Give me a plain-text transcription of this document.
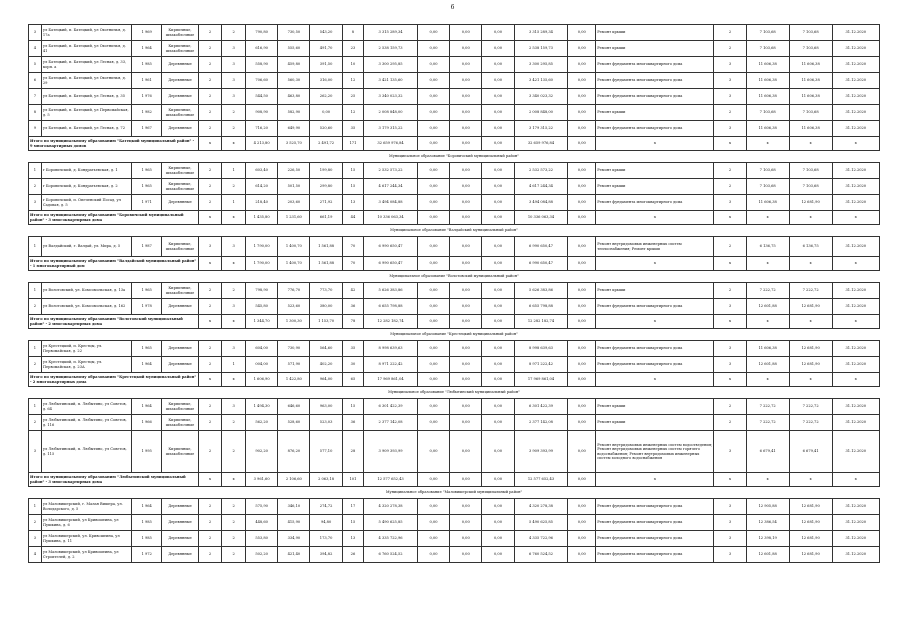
6
3	ул Батецкий, п. Батецкий, ул Охотничья, д. 17а	1 969	Кирпичные, шлакоблочные	2	2	790,80	730,50	543,20	8	3 315 289,34	0,00	0,00	0,00	3 315 289,34	0,00	Ремонт крыши	2	7 103,68	7 103,68	31.12.2020
4	ул Батецкий, п. Батецкий, ул Охотничья, д. 41	1 964	Кирпичные, шлакоблочные	2	3	616,90	555,60	491,70	23	2 538 159,73	0,00	0,00	0,00	2 538 159,73	0,00	Ремонт крыши	2	7 103,68	7 103,68	31.12.2020
5	ул Батецкий, п. Батецкий, ул Лесная, д. 33, корп. а	1 985	Деревянные	2	3	558,90	459,80	391,50	10	3 300 295,85	0,00	0,00	0,00	3 300 295,85	0,00	Ремонт фундамента многоквартирного дома	3	11 606,38	11 606,38	31.12.2020
6	ул Батецкий, п. Батецкий, ул Охотничья, д. 29	1 961	Деревянные	2	3	706,60	560,30	316,00	12	3 421 135,60	0,00	0,00	0,00	3 421 135,60	0,00	Ремонт фундамента многоквартирного дома	3	11 606,38	11 606,38	31.12.2020
7	ул Батецкий, п. Батецкий, ул Лесная, д. 35	1 976	Деревянные	2	3	544,50	463,80	262,20	25	3 340 023,32	0,00	0,00	0,00	3 340 023,32	0,00	Ремонт фундамента многоквартирного дома	3	11 606,38	11 606,38	31.12.2020
8	ул Батецкий, п. Батецкий, ул Первомайская, д. 5	1 982	Кирпичные, шлакоблочные	2	2	908,90	582,90	0,00	12	2 008 848,00	0,00	0,00	0,00	2 008 848,00	0,00	Ремонт крыши	2	7 103,68	7 103,68	31.12.2020
9	ул Батецкий, п. Батецкий, ул Лесная, д. 72	1 967	Деревянные	2	2	716,20	649,90	520,60	35	3 179 315,22	0,00	0,00	0,00	3 179 315,22	0,00	Ремонт фундамента многоквартирного дома	3	11 606,38	11 606,38	31.12.2020
Итого по муниципальному образованию "Батецкий муниципальный район" - 9 многоквартирных домов				x	x	4 213,80	3 525,70	2 491,72	171	32 659 976,84	0,00	0,00	0,00	32 659 976,84	0,00	x	x	x	x	x
Муниципальное образование "Боровичский муниципальный район"																				
1	г Боровичский, д. Кондратьевская, д. 1	1 965	Кирпичные, шлакоблочные	2	1	603,40	226,50	199,80	15	2 532 573,22	0,00	0,00	0,00	2 532 573,22	0,00	Ремонт крыши	2	7 103,68	7 103,68	31.12.2020
2	г Боровичский, д. Кондратьевская, д. 2	1 965	Кирпичные, шлакоблочные	2	2	614,20	501,50	299,80	15	4 617 244,34	0,00	0,00	0,00	4 617 244,34	0,00	Ремонт крыши	2	7 103,68	7 103,68	31.12.2020
3	г Боровичский, п. Опеченский Посад, ул Садовая, д. 5	1 971	Деревянные	2	1	218,40	203,60	271,92	13	3 494 084,88	0,00	0,00	0,00	3 494 084,88	0,00	Ремонт фундамента многоквартирного дома	3	11 606,38	12 681,90	31.12.2020
Итого по муниципальному образованию "Боровичский муниципальный район" - 3 многоквартирных дома				x	x	1 435,80	1 231,60	661,19	44	10 336 063,34	0,00	0,00	0,00	10 336 063,34	0,00	x	x	x	x	x
Муниципальное образование "Валдайский муниципальный район"																				
1	ул Валдайский, г. Валдай, ул. Мира, д. 5	1 987	Кирпичные, шлакоблочные	3	3	1 790,00	1 400,70	1 561,88	70	6 990 650,47	0,00	0,00	0,00	6 990 650,47	0,00	Ремонт внутридомовых инженерных систем теплоснабжения; Ремонт крыши	2	6 136,75	6 136,75	31.12.2020
Итого по муниципальному образованию "Валдайский муниципальный район" - 1 многоквартирный дом				x	x	1 790,00	1 400,70	1 561,88	70	6 990 650,47	0,00	0,00	0,00	6 990 650,47	0,00	x	x	x	x	x
Муниципальное образование "Волотовский муниципальный район"																				
1	ул Волотовский, ул. Комсомольская, д. 13а	1 965	Кирпичные, шлакоблочные	2	2	798,90	776,70	773,70	42	5 626 383,86	0,00	0,00	0,00	5 626 383,86	0,00	Ремонт крыши	2	7 222,72	7 222,72	31.12.2020
2	ул Волотовский, ул. Комсомольская, д. 162	1 978	Деревянные	2	3	545,80	523,60	380,00	36	6 655 798,88	0,00	0,00	0,00	6 655 798,88	0,00	Ремонт фундамента многоквартирного дома	3	12 601,88	12 681,90	31.12.2020
Итого по муниципальному образованию "Волотовский муниципальный район" - 2 многоквартирных дома				x	x	1 344,70	1 300,30	1 153,70	78	12 282 182,74	0,00	0,00	0,00	12 282 182,74	0,00	x	x	x	x	x
Муниципальное образование "Крестецкий муниципальный район"																				
1	ул Крестецкий, п. Крестцы, ул. Первомайская, д. 22	1 965	Деревянные	2	3	604,00	730,90	564,60	35	8 998 639,63	0,00	0,00	0,00	8 998 639,63	0,00	Ремонт фундамента многоквартирного дома	3	11 606,38	12 681,90	31.12.2020
2	ул Крестецкий, п. Крестцы, ул. Первомайская, д. 23А	1 964	Деревянные	2	1	004,00	571,90	402,20	30	8 971 222,42	0,00	0,00	0,00	8 971 222,42	0,00	Ремонт фундамента многоквартирного дома	3	12 601,88	12 681,90	31.12.2020
Итого по муниципальному образованию "Крестецкий муниципальный район" - 2 многоквартирных дома				x	x	1 606,90	1 422,80	964,00	65	17 969 861,04	0,00	0,00	0,00	17 969 861,04	0,00	x	x	x	x	x
Муниципальное образование "Любытинский муниципальный район"																				
1	ул Любытинский, п. Любытино, ул Советов, д. 64	1 964	Кирпичные, шлакоблочные	2	3	1 494,30	646,60	963,00	15	6 301 422,39	0,00	0,00	0,00	6 301 422,39	0,00	Ремонт крыши	2	7 222,72	7 222,72	31.12.2020
2	ул Любытинский, п. Любытино, ул Советов, д. 116	1 966	Кирпичные, шлакоблочные	2	2	562,20	528,60	523,03	36	2 377 142,08	0,00	0,00	0,00	2 377 142,08	0,00	Ремонт крыши	2	7 222,72	7 222,72	31.12.2020
3	ул Любытинский, п. Любытино, ул Советов, д. 115	1 995	Кирпичные, шлакоблочные	2	2	902,20	876,20	577,10	28	3 909 393,99	0,00	0,00	0,00	3 909 393,99	0,00	Ремонт внутридомовых инженерных систем водоотведения; Ремонт внутридомовых инженерных систем горячего водоснабжения; Ремонт внутридомовых инженерных систем холодного водоснабжения	3	6 679,41	6 679,41	31.12.2020
Итого по муниципальному образованию "Любытинский муниципальный район" - 3 многоквартирных дома				x	x	3 961,60	2 106,60	2 063,18	101	12 577 652,43	0,00	0,00	0,00	12 577 652,43	0,00	x	x	x	x	x
Муниципальное образование "Маловишерский муниципальный район"																				
1	ул Маловишерский, г. Малая Вишера, ул. Володарского, д. 5	1 964	Деревянные	2	2	575,90	346,10	274,72	17	4 320 278,38	0,00	0,00	0,00	4 320 278,38	0,00	Ремонт фундамента многоквартирного дома	3	12 905,88	12 681,90	31.12.2020
2	ул Маловишерский, ул Кривошеина, ул Пушкина, д. 6	1 985	Деревянные	2	2	448,60	415,90	94,80	15	5 490 625,85	0,00	0,00	0,00	5 490 625,85	0,00	Ремонт фундамента многоквартирного дома	3	12 386,54	12 681,90	31.12.2020
3	ул Маловишерский, ул. Кривошеина, ул Пушкина, д. 11	1 985	Деревянные	2	2	553,80	334,90	173,70	13	4 335 722,96	0,00	0,00	0,00	4 335 722,96	0,00	Ремонт фундамента многоквартирного дома	3	12 398,19	12 681,90	31.12.2020
4	ул Маловишерский, ул Кривошеина, ул Строителей, д. 2	1 972	Деревянные	2	2	502,20	421,40	394,82	26	6 760 524,52	0,00	0,00	0,00	6 760 524,52	0,00	Ремонт фундамента многоквартирного дома	3	12 601,88	12 681,90	31.12.2020
